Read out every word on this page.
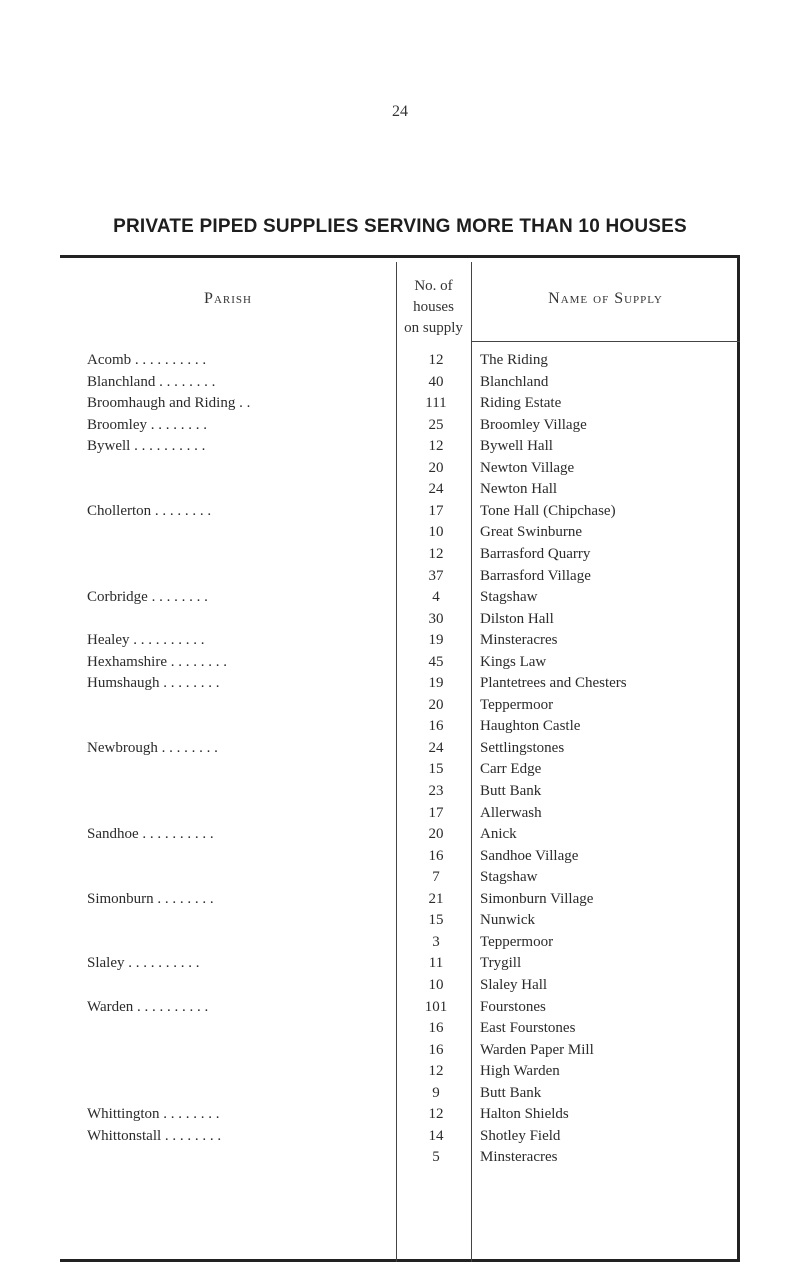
24
PRIVATE PIPED SUPPLIES SERVING MORE THAN 10 HOUSES
Parish
No. of
houses
on supply
Name of Supply
Acomb . . . . . . . . . .	12	The Riding
Blanchland . . . . . . . .	40	Blanchland
Broomhaugh and Riding . .	111	Riding Estate
Broomley . . . . . . . .	25	Broomley Village
Bywell . . . . . . . . . .	12	Bywell Hall
20	Newton Village
24	Newton Hall
Chollerton . . . . . . . .	17	Tone Hall (Chipchase)
10	Great Swinburne
12	Barrasford Quarry
37	Barrasford Village
Corbridge . . . . . . . .	4	Stagshaw
30	Dilston Hall
Healey . . . . . . . . . .	19	Minsteracres
Hexhamshire . . . . . . . .	45	Kings Law
Humshaugh . . . . . . . .	19	Plantetrees and Chesters
20	Teppermoor
16	Haughton Castle
Newbrough . . . . . . . .	24	Settlingstones
15	Carr Edge
23	Butt Bank
17	Allerwash
Sandhoe . . . . . . . . . .	20	Anick
16	Sandhoe Village
7	Stagshaw
Simonburn . . . . . . . .	21	Simonburn Village
15	Nunwick
3	Teppermoor
Slaley . . . . . . . . . .	11	Trygill
10	Slaley Hall
Warden . . . . . . . . . .	101	Fourstones
16	East Fourstones
16	Warden Paper Mill
12	High Warden
9	Butt Bank
Whittington . . . . . . . .	12	Halton Shields
Whittonstall . . . . . . . .	14	Shotley Field
5	Minsteracres
